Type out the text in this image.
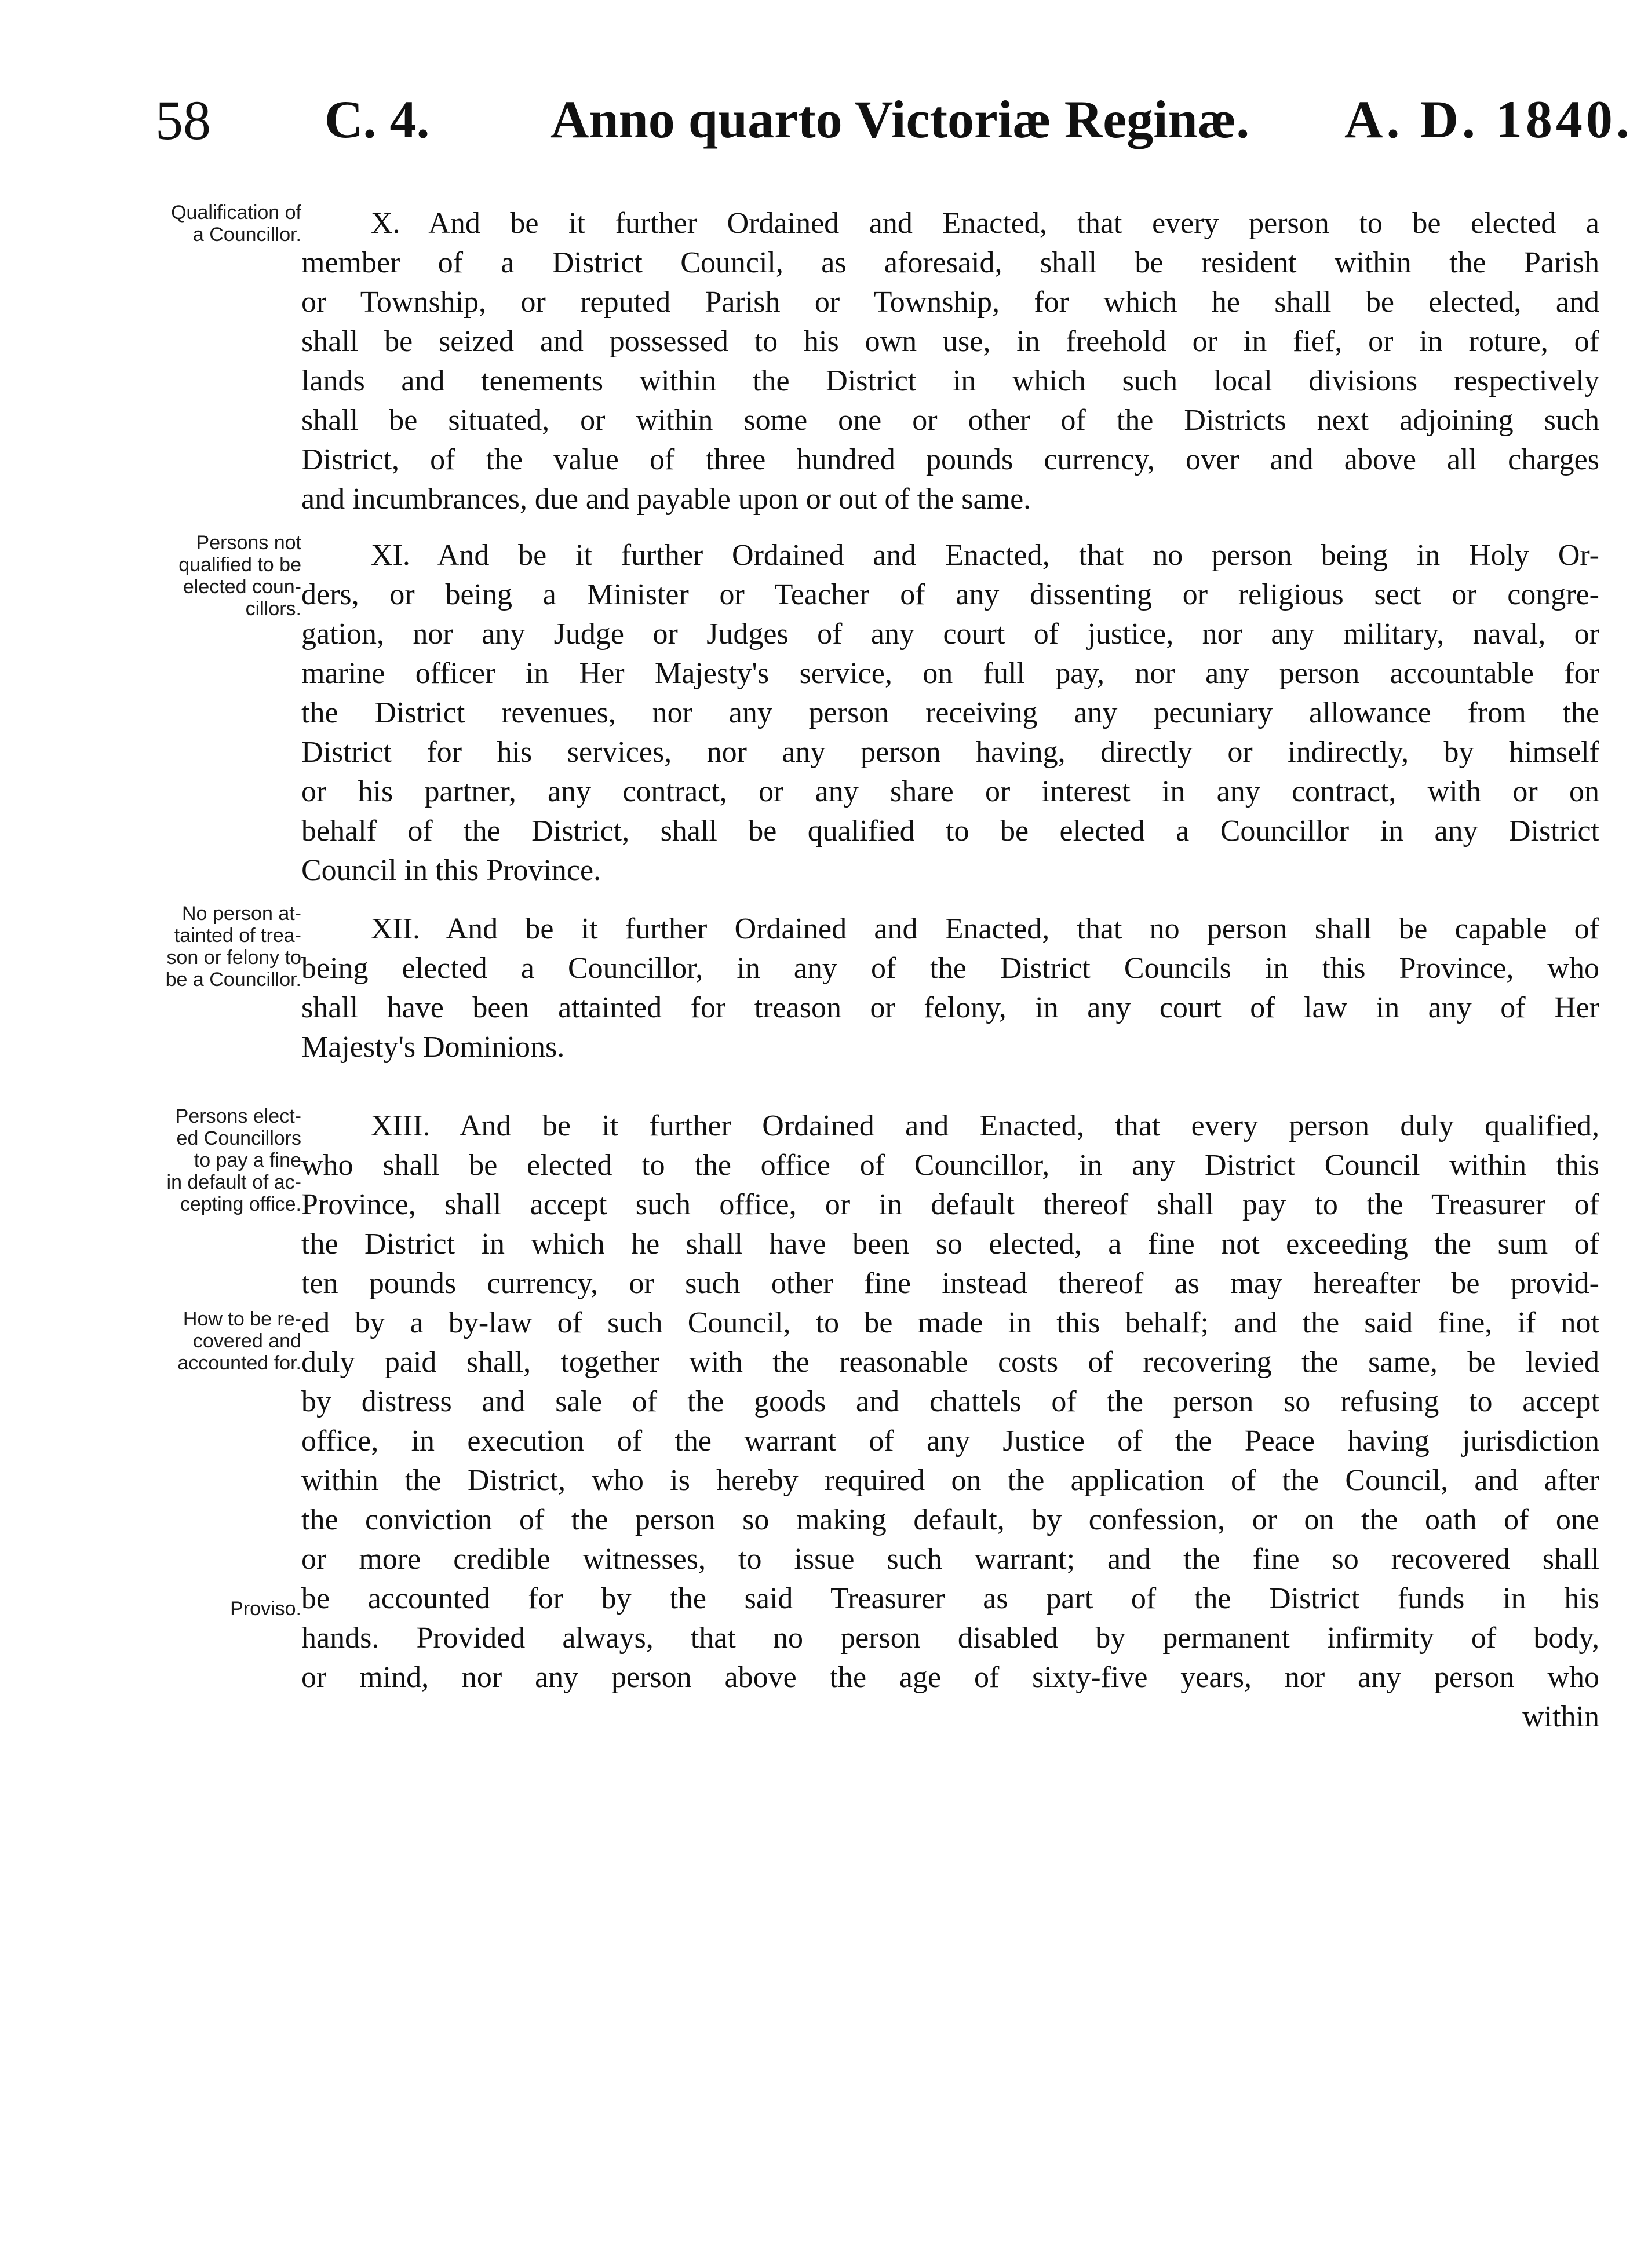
58 C. 4. Anno quarto Victoriæ Reginæ. A. D. 1840.
Qualification of
a Councillor.
Persons not
qualified to be
elected coun-
cillors.
No person at-
tainted of trea-
son or felony to
be a Councillor.
Persons elect-
ed Councillors
to pay a fine
in default of ac-
cepting office.
How to be re-
covered and
accounted for.
Proviso.
X. And be it further Ordained and Enacted, that every person to be elected a
member of a District Council, as aforesaid, shall be resident within the Parish
or Township, or reputed Parish or Township, for which he shall be elected, and
shall be seized and possessed to his own use, in freehold or in fief, or in roture, of
lands and tenements within the District in which such local divisions respectively
shall be situated, or within some one or other of the Districts next adjoining such
District, of the value of three hundred pounds currency, over and above all charges
and incumbrances, due and payable upon or out of the same.
XI. And be it further Ordained and Enacted, that no person being in Holy Or-
ders, or being a Minister or Teacher of any dissenting or religious sect or congre-
gation, nor any Judge or Judges of any court of justice, nor any military, naval, or
marine officer in Her Majesty's service, on full pay, nor any person accountable for
the District revenues, nor any person receiving any pecuniary allowance from the
District for his services, nor any person having, directly or indirectly, by himself
or his partner, any contract, or any share or interest in any contract, with or on
behalf of the District, shall be qualified to be elected a Councillor in any District
Council in this Province.
XII. And be it further Ordained and Enacted, that no person shall be capable of
being elected a Councillor, in any of the District Councils in this Province, who
shall have been attainted for treason or felony, in any court of law in any of Her
Majesty's Dominions.
XIII. And be it further Ordained and Enacted, that every person duly qualified,
who shall be elected to the office of Councillor, in any District Council within this
Province, shall accept such office, or in default thereof shall pay to the Treasurer of
the District in which he shall have been so elected, a fine not exceeding the sum of
ten pounds currency, or such other fine instead thereof as may hereafter be provid-
ed by a by-law of such Council, to be made in this behalf; and the said fine, if not
duly paid shall, together with the reasonable costs of recovering the same, be levied
by distress and sale of the goods and chattels of the person so refusing to accept
office, in execution of the warrant of any Justice of the Peace having jurisdiction
within the District, who is hereby required on the application of the Council, and after
the conviction of the person so making default, by confession, or on the oath of one
or more credible witnesses, to issue such warrant; and the fine so recovered shall
be accounted for by the said Treasurer as part of the District funds in his
hands. Provided always, that no person disabled by permanent infirmity of body,
or mind, nor any person above the age of sixty-five years, nor any person who
within
